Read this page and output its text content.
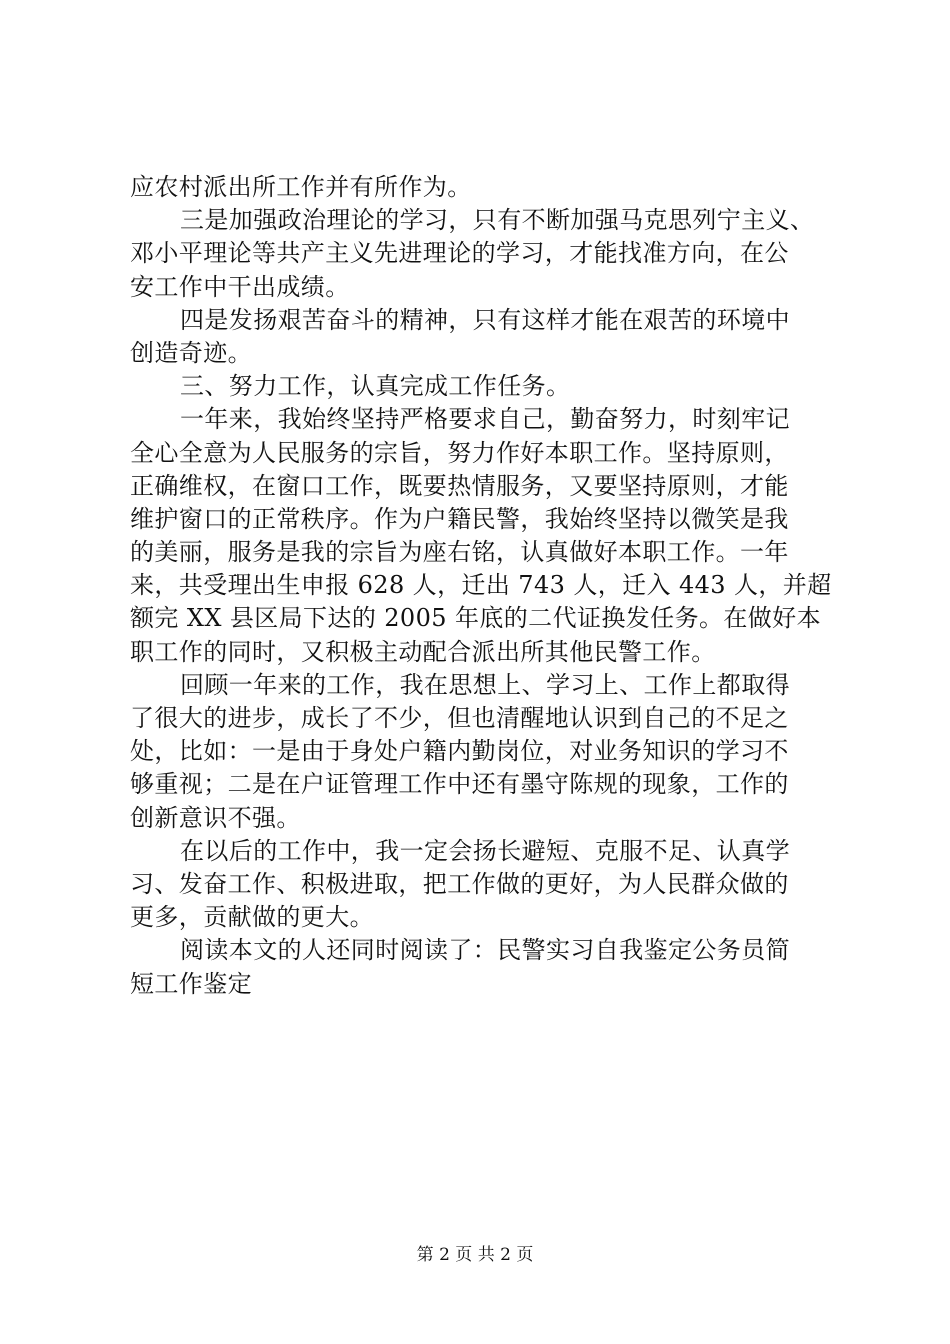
应农村派出所工作并有所作为。
三是加强政治理论的学习，只有不断加强马克思列宁主义、
邓小平理论等共产主义先进理论的学习，才能找准方向，在公
安工作中干出成绩。
四是发扬艰苦奋斗的精神，只有这样才能在艰苦的环境中
创造奇迹。
三、努力工作，认真完成工作任务。
一年来，我始终坚持严格要求自己，勤奋努力，时刻牢记
全心全意为人民服务的宗旨，努力作好本职工作。坚持原则，
正确维权，在窗口工作，既要热情服务，又要坚持原则，才能
维护窗口的正常秩序。作为户籍民警，我始终坚持以微笑是我
的美丽，服务是我的宗旨为座右铭，认真做好本职工作。一年
来，共受理出生申报 628 人，迁出 743 人，迁入 443 人，并超
额完 XX 县区局下达的 2005 年底的二代证换发任务。在做好本
职工作的同时，又积极主动配合派出所其他民警工作。
回顾一年来的工作，我在思想上、学习上、工作上都取得
了很大的进步，成长了不少，但也清醒地认识到自己的不足之
处，比如：一是由于身处户籍内勤岗位，对业务知识的学习不
够重视；二是在户证管理工作中还有墨守陈规的现象，工作的
创新意识不强。
在以后的工作中，我一定会扬长避短、克服不足、认真学
习、发奋工作、积极进取，把工作做的更好，为人民群众做的
更多，贡献做的更大。
阅读本文的人还同时阅读了：民警实习自我鉴定公务员简
短工作鉴定
第 2 页 共 2 页
